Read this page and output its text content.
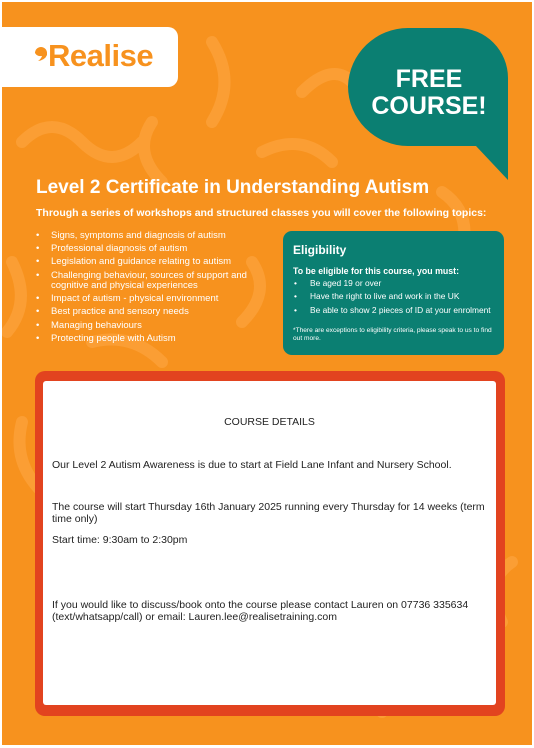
Realise
FREE
COURSE!
Level 2 Certificate in Understanding Autism
Through a series of workshops and structured classes you will cover the following topics:
• Signs, symptoms and diagnosis of autism
• Professional diagnosis of autism
• Legislation and guidance relating to autism
• Challenging behaviour, sources of support and cognitive and physical experiences
• Impact of autism - physical environment
• Best practice and sensory needs
• Managing behaviours
• Protecting people with Autism
Eligibility
To be eligible for this course, you must:
• Be aged 19 or over
• Have the right to live and work in the UK
• Be able to show 2 pieces of ID at your enrolment
*There are exceptions to eligibility criteria, please speak to us to find out more.

COURSE DETAILS

Our Level 2 Autism Awareness is due to start at Field Lane Infant and Nursery School.

The course will start Thursday 16th January 2025 running every Thursday for 14 weeks (term time only)

Start time: 9:30am to 2:30pm

If you would like to discuss/book onto the course please contact Lauren on 07736 335634 (text/whatsapp/call) or email: Lauren.lee@realisetraining.com
